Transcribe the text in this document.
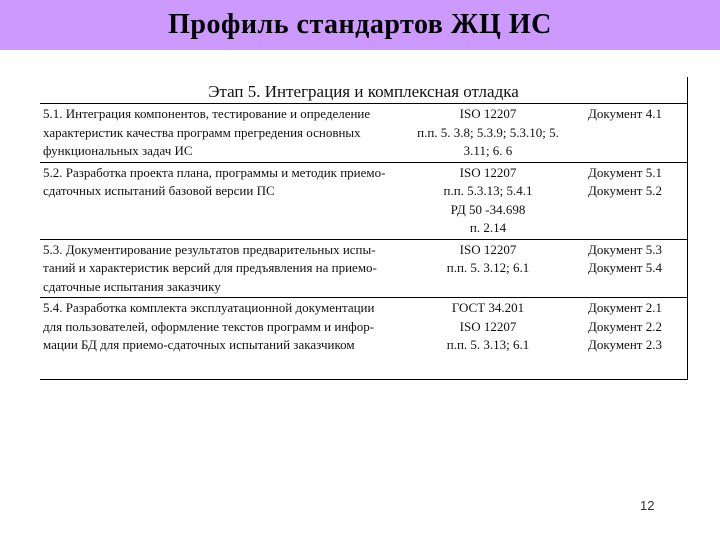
Профиль стандартов ЖЦ ИС
Этап 5. Интеграция и комплексная отладка
5.1. Интеграция компонентов, тестирование и определение
характеристик качества программ прегредения основных
функциональных задач ИС
ISO 12207
п.п. 5. 3.8; 5.3.9; 5.3.10; 5.
3.11; 6. 6
Документ 4.1
5.2. Разработка проекта плана, программы и методик приемо-
сдаточных испытаний базовой версии ПС
ISO 12207
п.п. 5.3.13; 5.4.1
РД 50 -34.698
п. 2.14
Документ 5.1
Документ 5.2
5.3. Документирование результатов предварительных испы-
таний и характеристик версий для предъявления на приемо-
сдаточные испытания заказчику
ISO 12207
п.п. 5. 3.12; 6.1
Документ 5.3
Документ 5.4
5.4. Разработка комплекта эксплуатационной документации
для пользователей, оформление текстов программ и инфор-
мации БД для приемо-сдаточных испытаний заказчиком
ГОСТ 34.201
ISO 12207
п.п. 5. 3.13; 6.1
Документ 2.1
Документ 2.2
Документ 2.3
12
